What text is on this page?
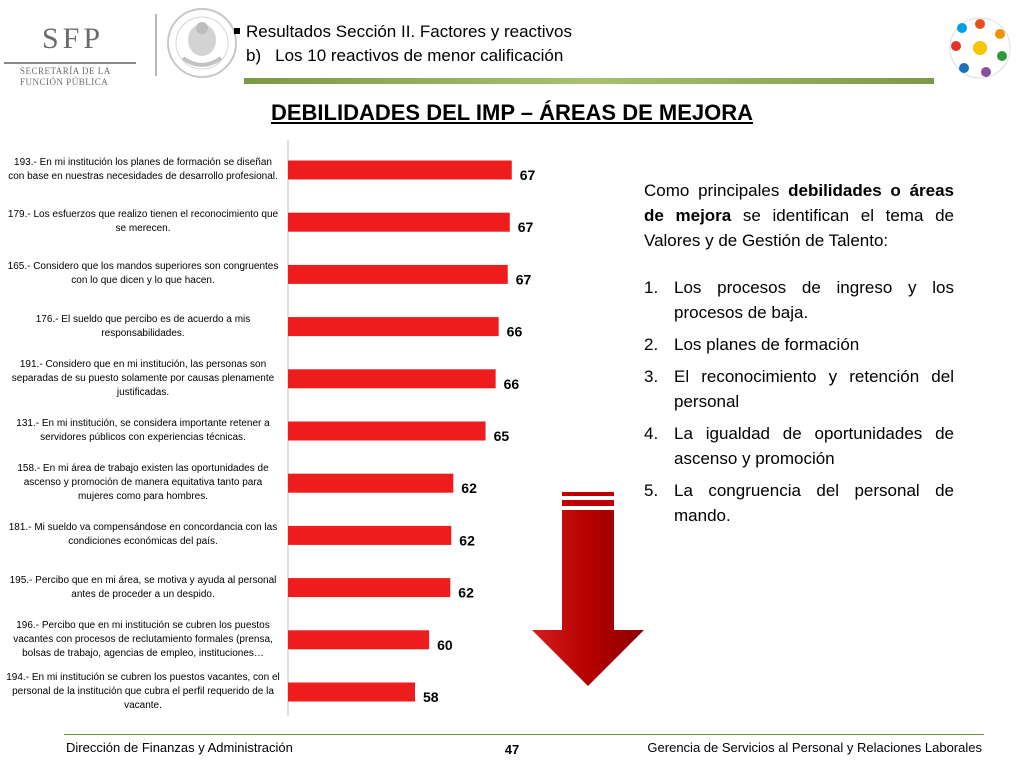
SFP
SECRETARÍA DE LA FUNCIÓN PÚBLICA
Resultados Sección II. Factores y reactivos
b) Los 10 reactivos de menor calificación
DEBILIDADES DEL IMP – ÁREAS DE MEJORA
193.- En mi institución los planes de formación se diseñan con base en nuestras necesidades de desarrollo profesional.
179.- Los esfuerzos que realizo tienen el reconocimiento que se merecen.
165.- Considero que los mandos superiores son congruentes con lo que dicen y lo que hacen.
176.- El sueldo que percibo es de acuerdo a mis responsabilidades.
191.- Considero que en mi institución, las personas son separadas de su puesto solamente por causas plenamente justificadas.
131.- En mi institución, se considera importante retener a servidores públicos con experiencias técnicas.
158.- En mi área de trabajo existen las oportunidades de ascenso y promoción de manera equitativa tanto para mujeres como para hombres.
181.- Mi sueldo va compensándose en concordancia con las condiciones económicas del país.
195.- Percibo que en mi área, se motiva y ayuda al personal antes de proceder a un despido.
196.- Percibo que en mi institución se cubren los puestos vacantes con procesos de reclutamiento formales (prensa, bolsas de trabajo, agencias de empleo, instituciones…
194.- En mi institución se cubren los puestos vacantes, con el personal de la institución que cubra el perfil requerido de la vacante.
67
67
67
66
66
65
62
62
62
60
58
Como principales debilidades o áreas de mejora se identifican el tema de Valores y de Gestión de Talento:
1. Los procesos de ingreso y los procesos de baja.
2. Los planes de formación
3. El reconocimiento y retención del personal
4. La igualdad de oportunidades de ascenso y promoción
5. La congruencia del personal de mando.
Dirección de Finanzas y Administración	47	Gerencia de Servicios al Personal y Relaciones Laborales
